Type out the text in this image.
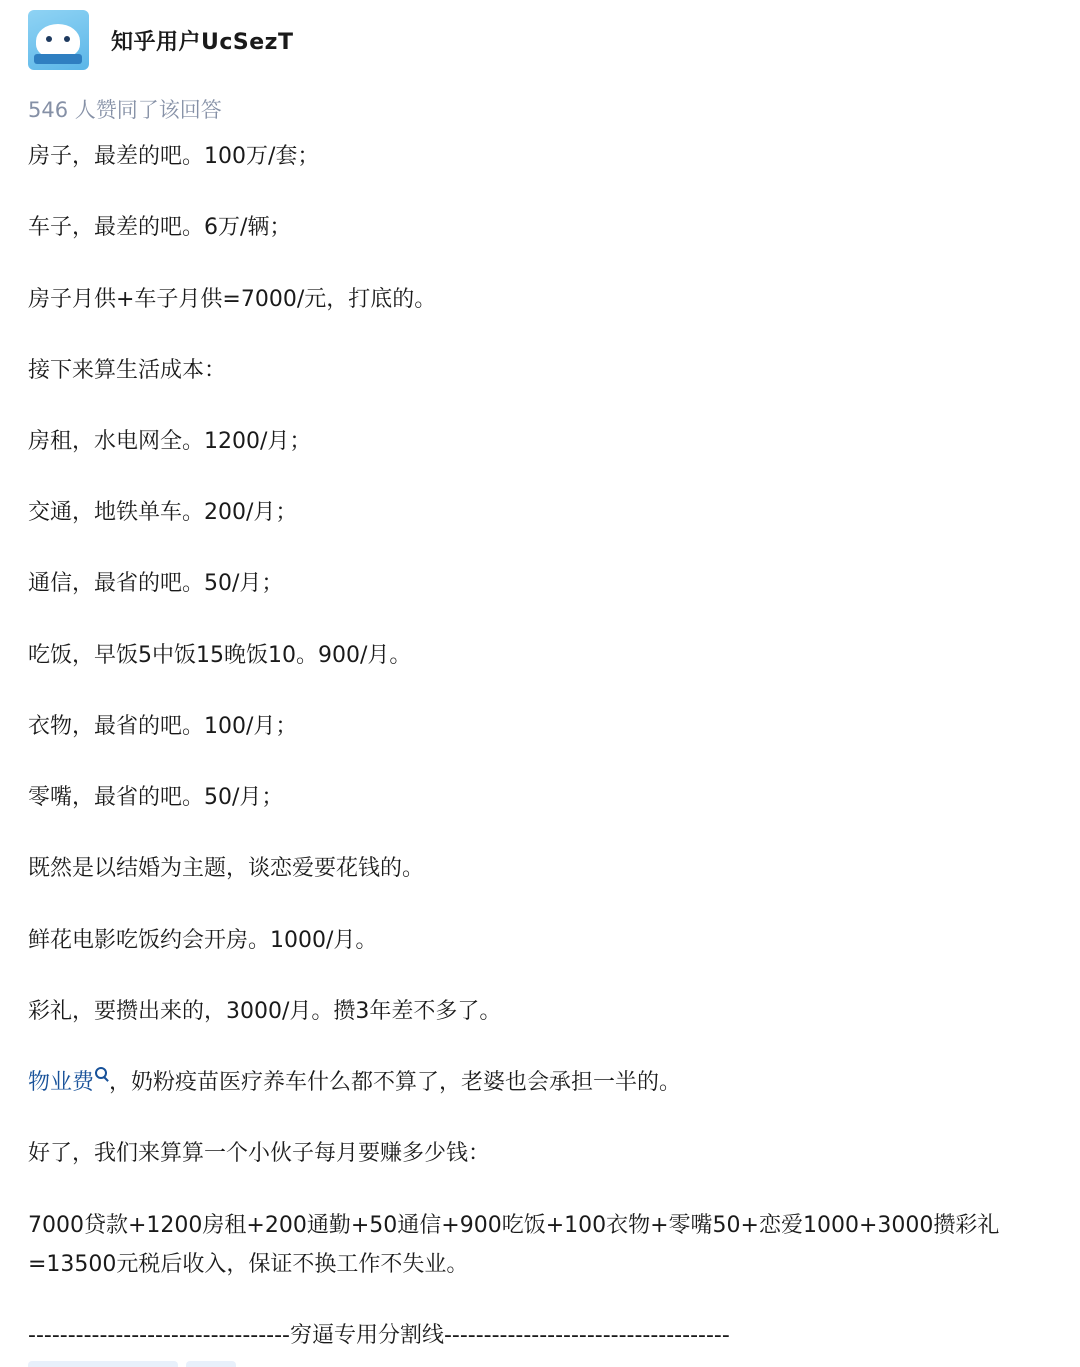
知乎用户UcSezT
546 人赞同了该回答

房子，最差的吧。100万/套；

车子，最差的吧。6万/辆；

房子月供+车子月供=7000/元，打底的。

接下来算生活成本：

房租，水电网全。1200/月；

交通，地铁单车。200/月；

通信，最省的吧。50/月；

吃饭，早饭5中饭15晚饭10。900/月。

衣物，最省的吧。100/月；

零嘴，最省的吧。50/月；

既然是以结婚为主题，谈恋爱要花钱的。

鲜花电影吃饭约会开房。1000/月。

彩礼，要攒出来的，3000/月。攒3年差不多了。

物业费 ，奶粉疫苗医疗养车什么都不算了，老婆也会承担一半的。

好了，我们来算算一个小伙子每月要赚多少钱：

7000贷款+1200房租+200通勤+50通信+900吃饭+100衣物+零嘴50+恋爱1000+3000攒彩礼=13500元税后收入，保证不换工作不失业。

---------------------------------穷逼专用分割线------------------------------------
